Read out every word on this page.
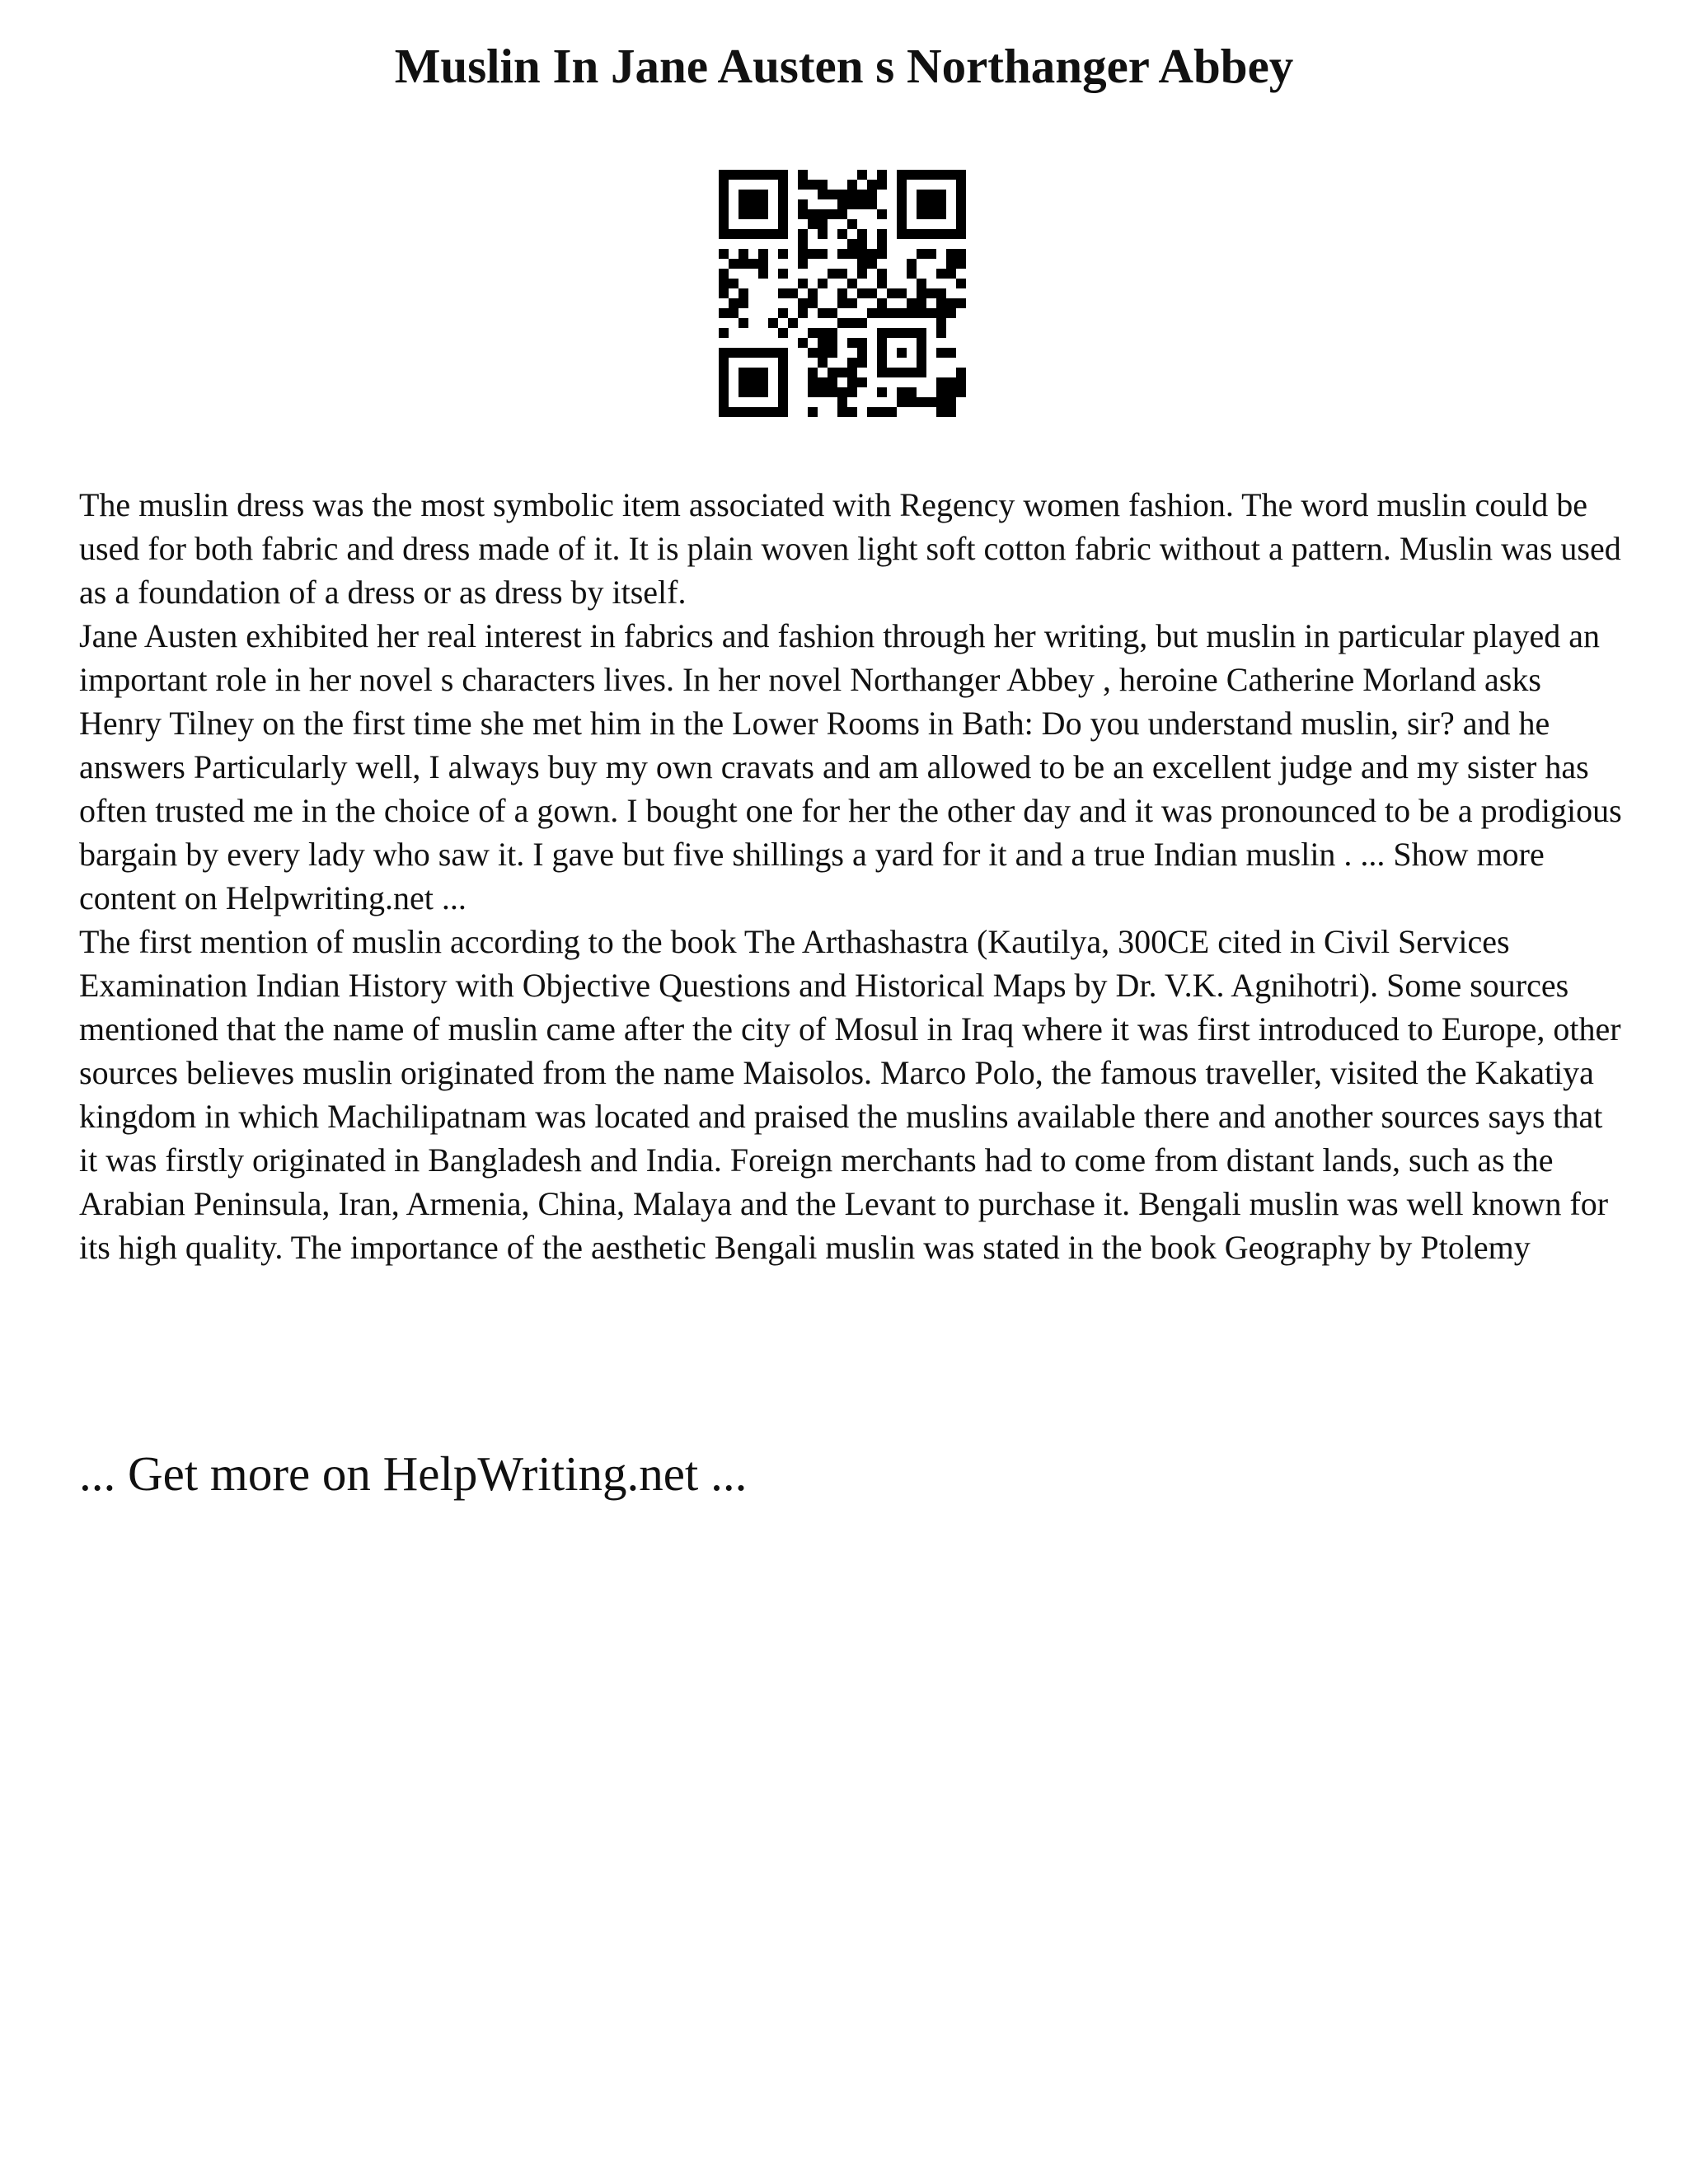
Muslin In Jane Austen s Northanger Abbey

The muslin dress was the most symbolic item associated with Regency women fashion. The word muslin could be used for both fabric and dress made of it. It is plain woven light soft cotton fabric without a pattern. Muslin was used as a foundation of a dress or as dress by itself.

Jane Austen exhibited her real interest in fabrics and fashion through her writing, but muslin in particular played an important role in her novel s characters lives. In her novel Northanger Abbey , heroine Catherine Morland asks Henry Tilney on the first time she met him in the Lower Rooms in Bath: Do you understand muslin, sir? and he answers Particularly well, I always buy my own cravats and am allowed to be an excellent judge and my sister has often trusted me in the choice of a gown. I bought one for her the other day and it was pronounced to be a prodigious bargain by every lady who saw it. I gave but five shillings a yard for it and a true Indian muslin . ... Show more content on Helpwriting.net ...

The first mention of muslin according to the book The Arthashastra (Kautilya, 300CE cited in Civil Services Examination Indian History with Objective Questions and Historical Maps by Dr. V.K. Agnihotri). Some sources mentioned that the name of muslin came after the city of Mosul in Iraq where it was first introduced to Europe, other sources believes muslin originated from the name Maisolos. Marco Polo, the famous traveller, visited the Kakatiya kingdom in which Machilipatnam was located and praised the muslins available there and another sources says that it was firstly originated in Bangladesh and India. Foreign merchants had to come from distant lands, such as the Arabian Peninsula, Iran, Armenia, China, Malaya and the Levant to purchase it. Bengali muslin was well known for its high quality. The importance of the aesthetic Bengali muslin was stated in the book Geography by Ptolemy

... Get more on HelpWriting.net ...
